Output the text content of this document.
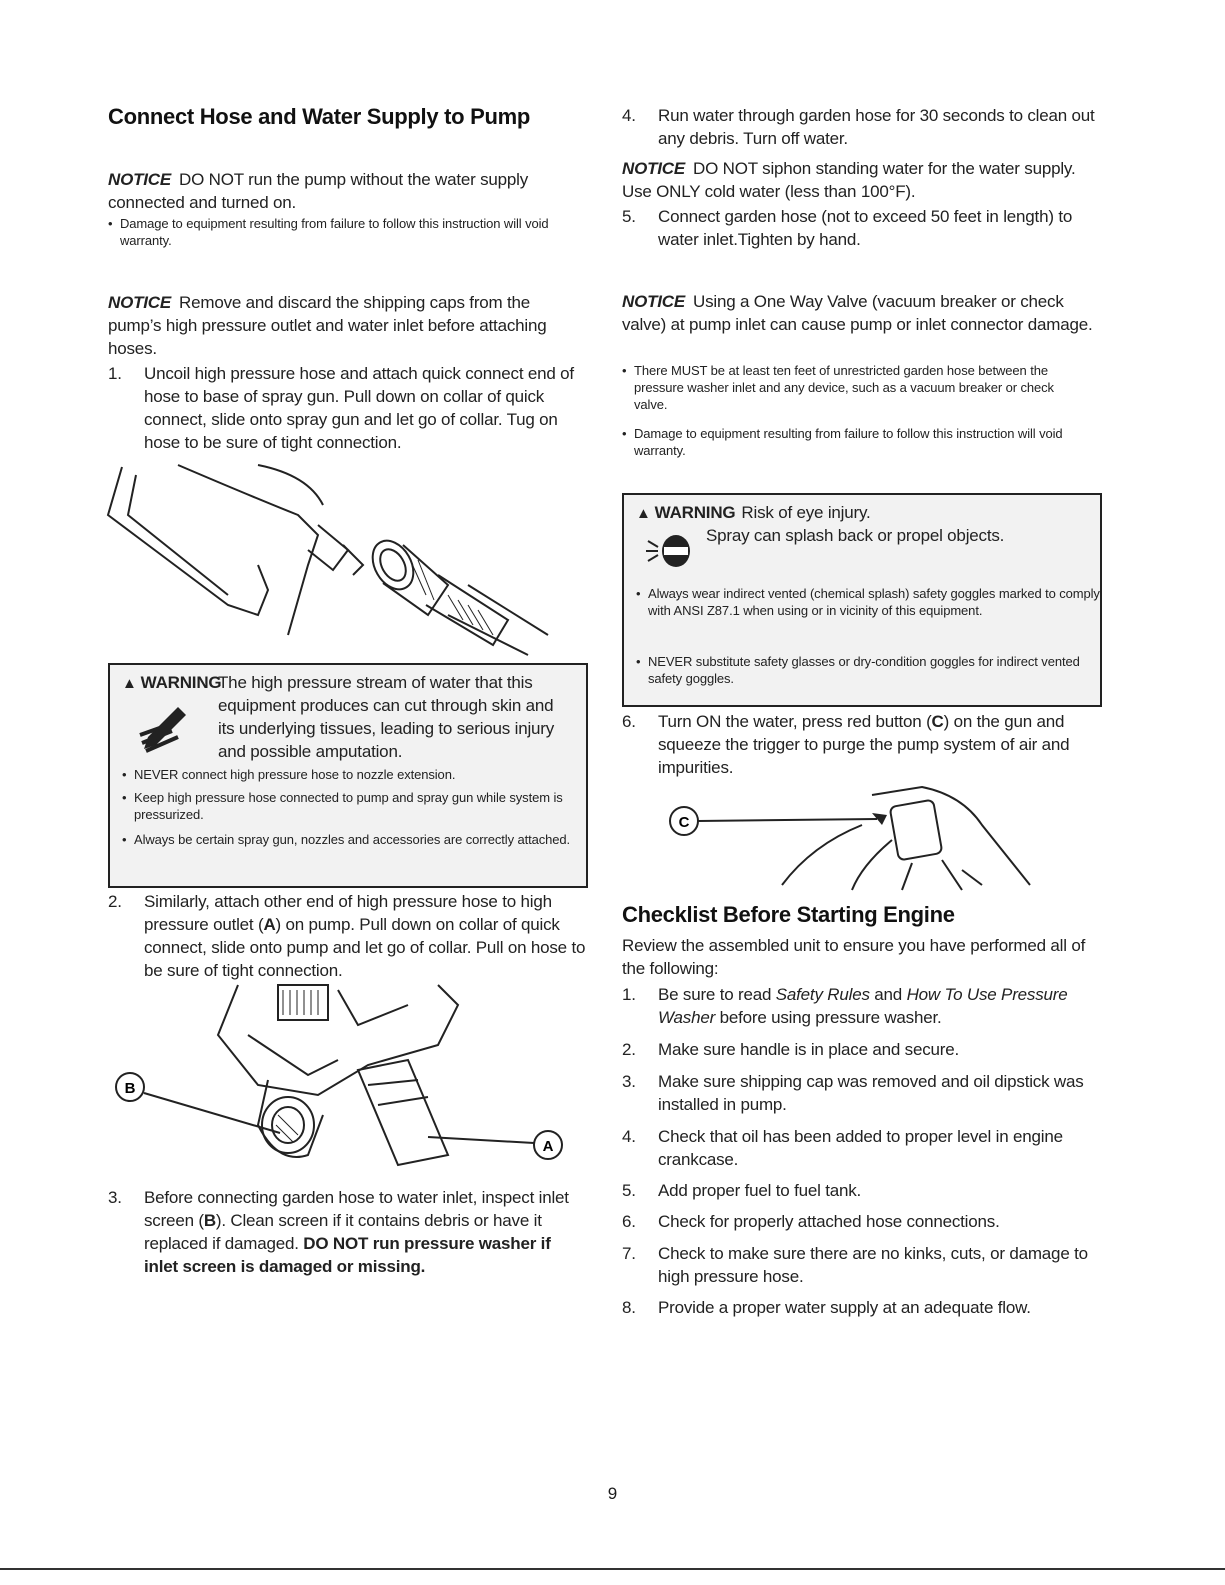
Connect Hose and Water Supply to Pump

NOTICE DO NOT run the pump without the water supply connected and turned on.

• Damage to equipment resulting from failure to follow this instruction will void warranty.

NOTICE Remove and discard the shipping caps from the pump’s high pressure outlet and water inlet before attaching hoses.

1.	Uncoil high pressure hose and attach quick connect end of hose to base of spray gun. Pull down on collar of quick connect, slide onto spray gun and let go of collar. Tug on hose to be sure of tight connection.
▲ WARNING

The high pressure stream of water that this equipment produces can cut through skin and its underlying tissues, leading to serious injury and possible amputation.

• NEVER connect high pressure hose to nozzle extension.

• Keep high pressure hose connected to pump and spray gun while system is pressurized.

• Always be certain spray gun, nozzles and accessories are correctly attached.

2.	Similarly, attach other end of high pressure hose to high pressure outlet (A) on pump. Pull down on collar of quick connect, slide onto pump and let go of collar. Pull on hose to be sure of tight connection.
B
A
3.	Before connecting garden hose to water inlet, inspect inlet screen (B). Clean screen if it contains debris or have it replaced if damaged. DO NOT run pressure washer if inlet screen is damaged or missing.
4.	Run water through garden hose for 30 seconds to clean out any debris. Turn off water.

NOTICE DO NOT siphon standing water for the water supply. Use ONLY cold water (less than 100°F).

5.	Connect garden hose (not to exceed 50 feet in length) to water inlet.Tighten by hand.

NOTICE Using a One Way Valve (vacuum breaker or check valve) at pump inlet can cause pump or inlet connector damage.

• There MUST be at least ten feet of unrestricted garden hose between the pressure washer inlet and any device, such as a vacuum breaker or check valve.

• Damage to equipment resulting from failure to follow this instruction will void warranty.

▲ WARNING Risk of eye injury.

Spray can splash back or propel objects.

• Always wear indirect vented (chemical splash) safety goggles marked to comply with ANSI Z87.1 when using or in vicinity of this equipment.

• NEVER substitute safety glasses or dry-condition goggles for indirect vented safety goggles.

6.	Turn ON the water, press red button (C) on the gun and squeeze the trigger to purge the pump system of air and impurities.
C
Checklist Before Starting Engine

Review the assembled unit to ensure you have performed all of the following:

1.	Be sure to read Safety Rules and How To Use Pressure Washer before using pressure washer.
2.	Make sure handle is in place and secure.
3.	Make sure shipping cap was removed and oil dipstick was installed in pump.
4.	Check that oil has been added to proper level in engine crankcase.
5.	Add proper fuel to fuel tank.
6.	Check for properly attached hose connections.
7.	Check to make sure there are no kinks, cuts, or damage to high pressure hose.
8.	Provide a proper water supply at an adequate flow.
9
